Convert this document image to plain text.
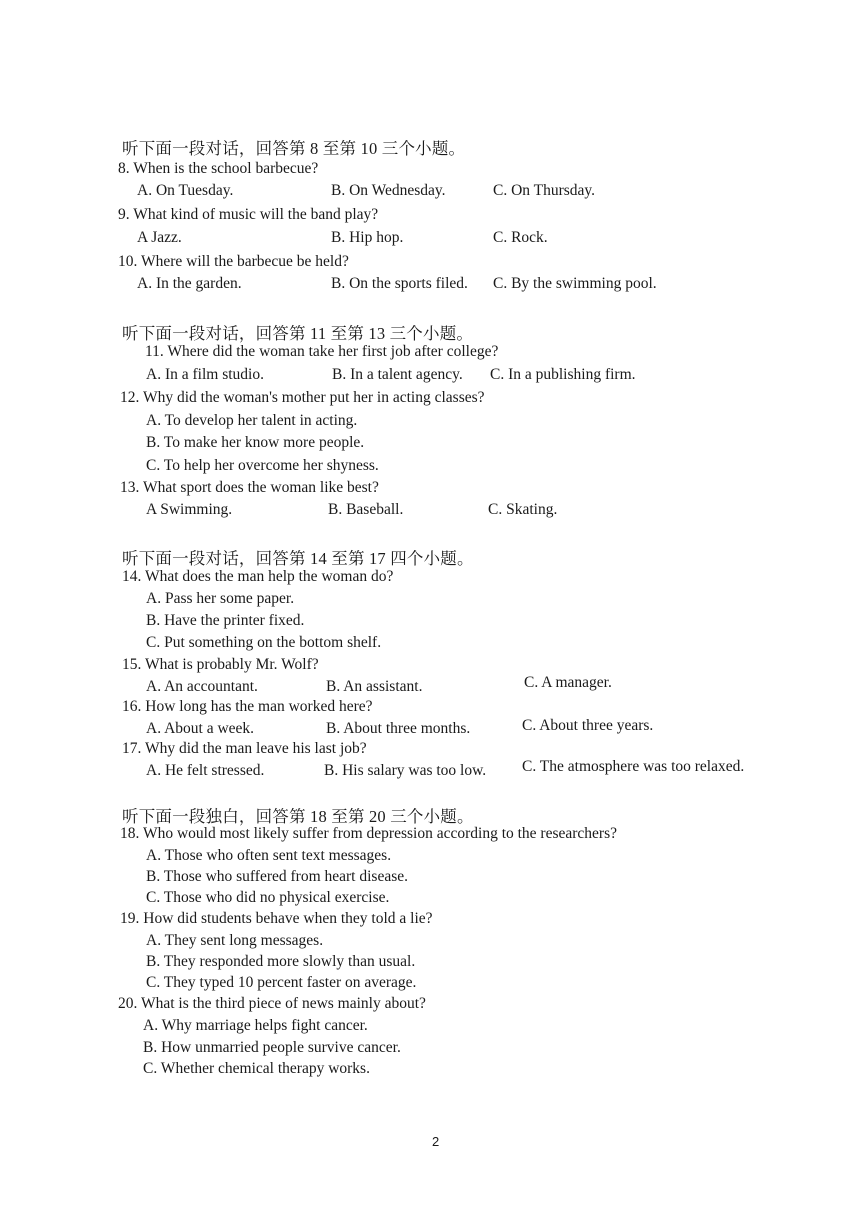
听下面一段对话，回答第 8 至第 10 三个小题。
8. When is the school barbecue?
A. On Tuesday.	B. On Wednesday.	C. On Thursday.
9. What kind of music will the band play?
A Jazz.	B. Hip hop.	C. Rock.
10. Where will the barbecue be held?
A. In the garden.	B. On the sports filed. C. By the swimming pool.
听下面一段对话，回答第 11 至第 13 三个小题。
11. Where did the woman take her first job after college?
A. In a film studio.	B. In a talent agency. C. In a publishing firm.
12. Why did the woman's mother put her in acting classes?
A. To develop her talent in acting.
B. To make her know more people.
C. To help her overcome her shyness.
13. What sport does the woman like best?
A Swimming.	B. Baseball.	C. Skating.
听下面一段对话，回答第 14 至第 17 四个小题。
14. What does the man help the woman do?
A. Pass her some paper.
B. Have the printer fixed.
C. Put something on the bottom shelf.
15. What is probably Mr. Wolf?
A. An accountant.	B. An assistant.	C. A manager.
16. How long has the man worked here?
A. About a week.	B. About three months.	C. About three years.
17. Why did the man leave his last job?
A. He felt stressed.	B. His salary was too low. C. The atmosphere was too relaxed.
听下面一段独白，回答第 18 至第 20 三个小题。
18. Who would most likely suffer from depression according to the researchers?
A. Those who often sent text messages.
B. Those who suffered from heart disease.
C. Those who did no physical exercise.
19. How did students behave when they told a lie?
A. They sent long messages.
B. They responded more slowly than usual.
C. They typed 10 percent faster on average.
20. What is the third piece of news mainly about?
A. Why marriage helps fight cancer.
B. How unmarried people survive cancer.
C. Whether chemical therapy works.
2
